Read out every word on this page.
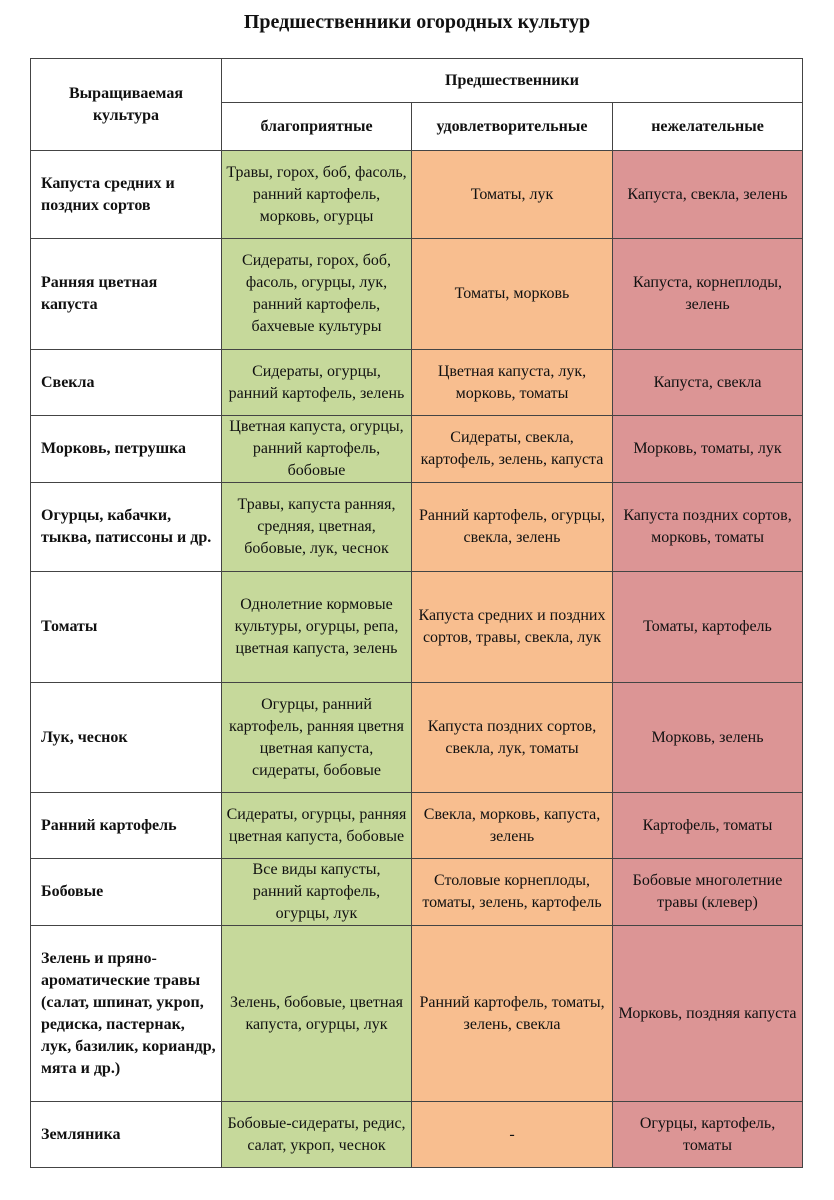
Предшественники огородных культур
Выращиваемая культура	Предшественники		
	благоприятные	удовлетворительные	нежелательные
Капуста средних и поздних сортов	Травы, горох, боб, фасоль, ранний картофель, морковь, огурцы	Томаты, лук	Капуста, свекла, зелень
Ранняя цветная капуста	Сидераты, горох, боб, фасоль, огурцы, лук, ранний картофель, бахчевые культуры	Томаты, морковь	Капуста, корнеплоды, зелень
Свекла	Сидераты, огурцы, ранний картофель, зелень	Цветная капуста, лук, морковь, томаты	Капуста, свекла
Морковь, петрушка	Цветная капуста, огурцы, ранний картофель, бобовые	Сидераты, свекла, картофель, зелень, капуста	Морковь, томаты, лук
Огурцы, кабачки, тыква, патиссоны и др.	Травы, капуста ранняя, средняя, цветная, бобовые, лук, чеснок	Ранний картофель, огурцы, свекла, зелень	Капуста поздних сортов, морковь, томаты
Томаты	Однолетние кормовые культуры, огурцы, репа, цветная капуста, зелень	Капуста средних и поздних сортов, травы, свекла, лук	Томаты, картофель
Лук, чеснок	Огурцы, ранний картофель, ранняя цветня цветная капуста, сидераты, бобовые	Капуста поздних сортов, свекла, лук, томаты	Морковь, зелень
Ранний картофель	Сидераты, огурцы, ранняя цветная капуста, бобовые	Свекла, морковь, капуста, зелень	Картофель, томаты
Бобовые	Все виды капусты, ранний картофель, огурцы, лук	Столовые корнеплоды, томаты, зелень, картофель	Бобовые многолетние травы (клевер)
Зелень и пряно-ароматические травы (салат, шпинат, укроп, редиска, пастернак, лук, базилик, кориандр, мята и др.)	Зелень, бобовые, цветная капуста, огурцы, лук	Ранний картофель, томаты, зелень, свекла	Морковь, поздняя капуста
Земляника	Бобовые-сидераты, редис, салат, укроп, чеснок	-	Огурцы, картофель, томаты
